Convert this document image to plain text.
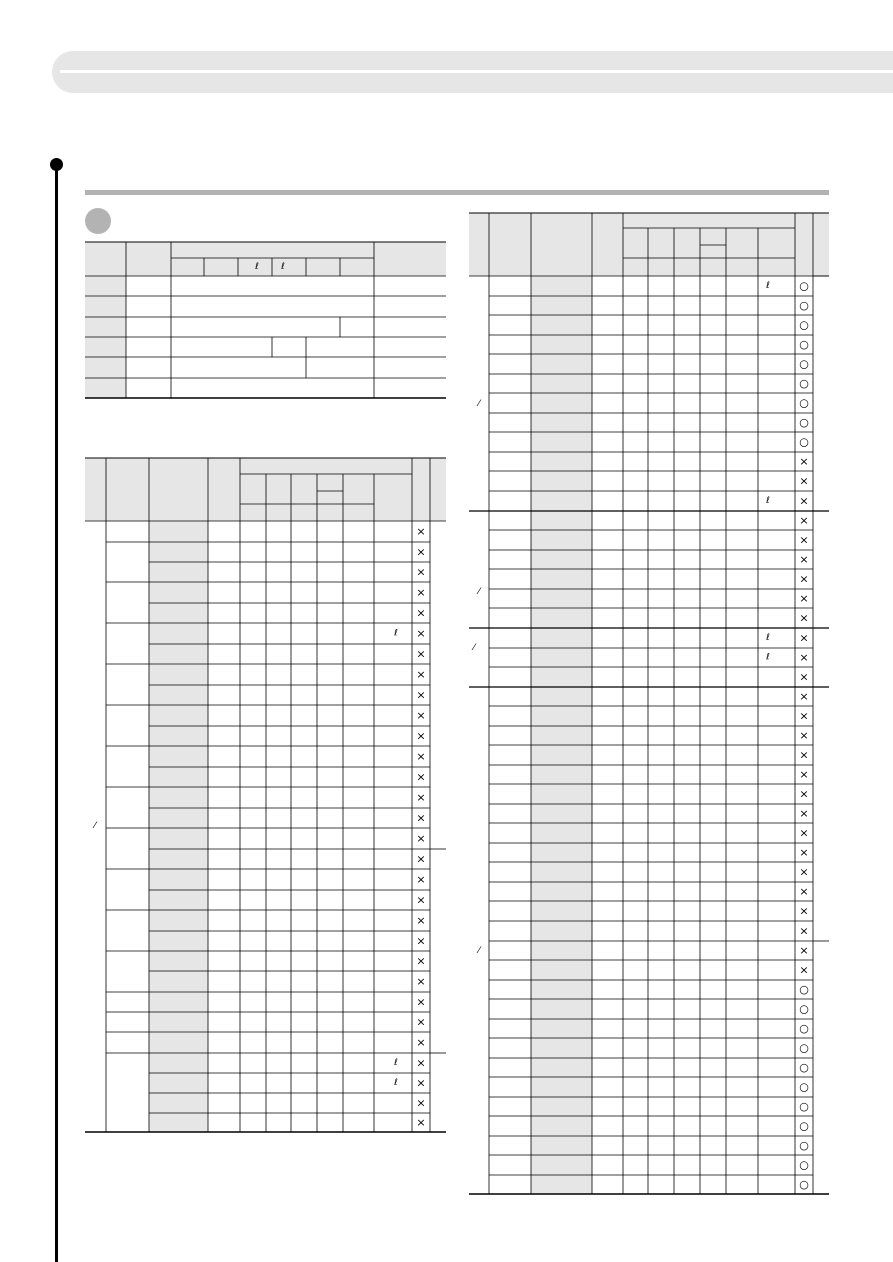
ℓ ℓ
×
×
×
×
×
×
ℓ
×
×
×
×
×
×
×
×
×
×
×
×
×
×
×
×
×
×
×
×
×
ℓ
×
ℓ
×
×
⁄
○
ℓ
○
○
○
○
○
○
○
○
×
×
×
ℓ
×
×
×
×
×
×
×
ℓ
×
ℓ
×
×
×
×
×
×
×
×
×
×
×
×
×
×
×
×
○
○
○
○
○
○
○
○
○
○
○
⁄
⁄
⁄
⁄
